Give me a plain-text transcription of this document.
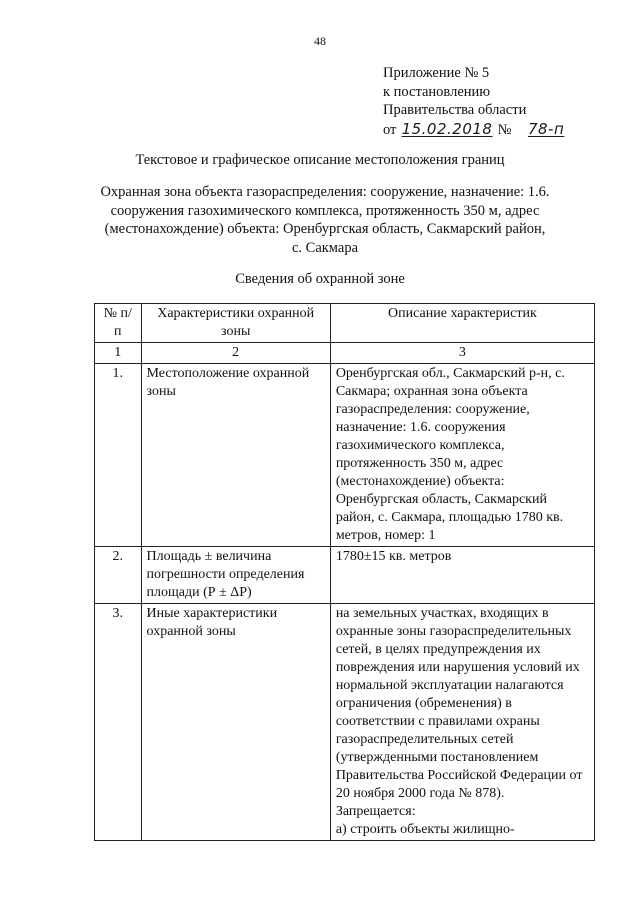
48
Приложение № 5
к постановлению
Правительства области
от 15.02.2018 № 78-п
Текстовое и графическое описание местоположения границ
Охранная зона объекта газораспределения: сооружение, назначение: 1.6. сооружения газохимического комплекса, протяженность 350 м, адрес (местонахождение) объекта: Оренбургская область, Сакмарский район, с. Сакмара
Сведения об охранной зоне
№ п/п	Характеристики охранной зоны	Описание характеристик
1	2	3
1.	Местоположение охранной зоны	Оренбургская обл., Сакмарский р-н, с. Сакмара; охранная зона объекта газораспределения: сооружение, назначение: 1.6. сооружения газохимического комплекса, протяженность 350 м, адрес (местонахождение) объекта: Оренбургская область, Сакмарский район, с. Сакмара, площадью 1780 кв. метров, номер: 1
2.	Площадь ± величина погрешности определения площади (Р ± ΔР)	1780±15 кв. метров
3.	Иные характеристики охранной зоны	на земельных участках, входящих в охранные зоны газораспределительных сетей, в целях предупреждения их повреждения или нарушения условий их нормальной эксплуатации налагаются ограничения (обременения) в соответствии с правилами охраны газораспределительных сетей (утвержденными постановлением Правительства Российской Федерации от 20 ноября 2000 года № 878).
Запрещается:
а) строить объекты жилищно-
